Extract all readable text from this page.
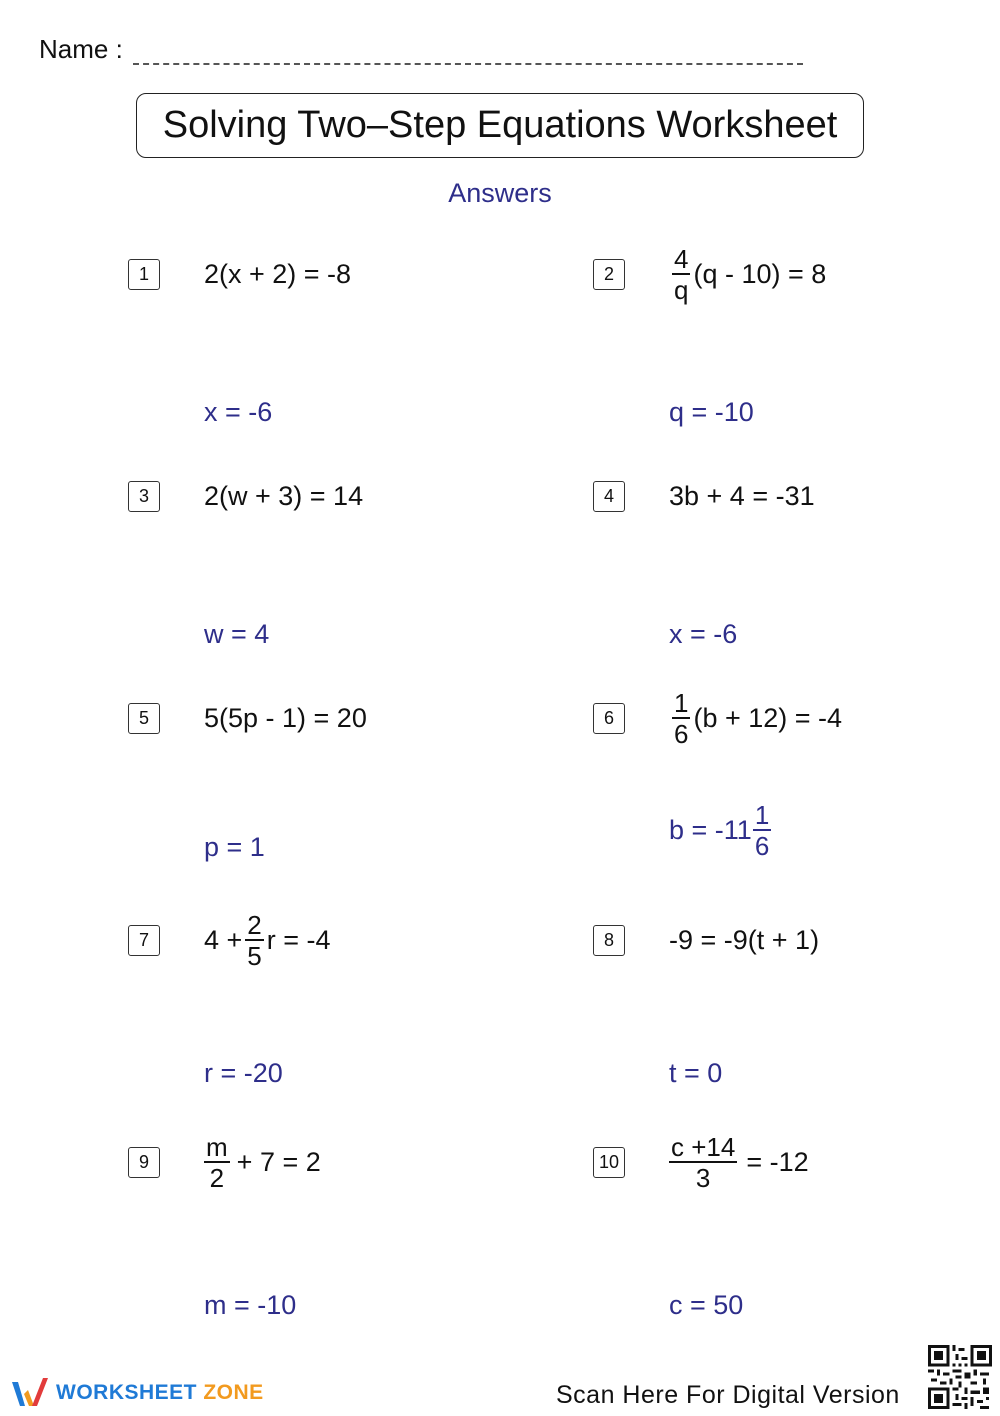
Name :
Solving Two–Step Equations Worksheet
Answers
1	2(x + 2) = -8
x = -6
2	$\frac{4}{q} (q - 10) = 8$
q = -10
3	2(w + 3) = 14
w = 4
4	3b + 4 = -31
x = -6
5	5(5p - 1) = 20
p = 1
6	$\frac{1}{6} (b + 12) = -4$
$b = -11 \frac{1}{6}$
7	$4 + \frac{2}{5}$ r = -4
r = -20
8	-9 = -9(t + 1)
t = 0
9	$\frac{m}{2} + 7 = 2$
m = -10
$10 \frac{c +14}{3} = -12$
c = 50
WORKSHEET ZONE	Scan Here For Digital Version
